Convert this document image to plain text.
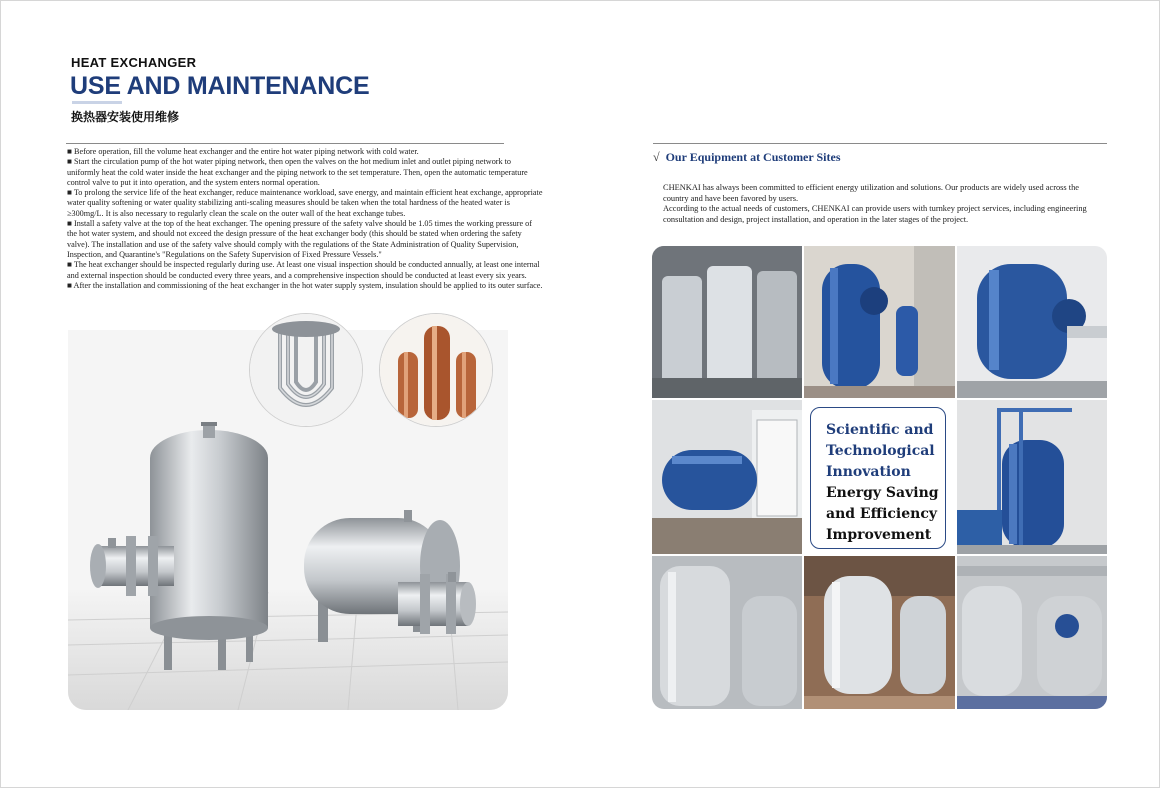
HEAT EXCHANGER
USE AND MAINTENANCE
换热器安装使用维修

■ Before operation, fill the volume heat exchanger and the entire hot water piping network with cold water.

■ Start the circulation pump of the hot water piping network, then open the valves on the hot medium inlet and outlet piping network to uniformly heat the cold water inside the heat exchanger and the piping network to the set temperature. Then, open the automatic temperature control valve to put it into operation, and the system enters normal operation.

■ To prolong the service life of the heat exchanger, reduce maintenance workload, save energy, and maintain efficient heat exchange, appropriate water quality softening or water quality stabilizing anti-scaling measures should be taken when the total hardness of the heated water is ≥300mg/L. It is also necessary to regularly clean the scale on the outer wall of the heat exchange tubes.

■ Install a safety valve at the top of the heat exchanger. The opening pressure of the safety valve should be 1.05 times the working pressure of the hot water system, and should not exceed the design pressure of the heat exchanger body (this should be stated when ordering the safety valve). The installation and use of the safety valve should comply with the regulations of the State Administration of Quality Supervision, Inspection, and Quarantine's "Regulations on the Safety Supervision of Fixed Pressure Vessels."

■ The heat exchanger should be inspected regularly during use. At least one visual inspection should be conducted annually, at least one internal and external inspection should be conducted every three years, and a comprehensive inspection should be conducted at least every six years.

■ After the installation and commissioning of the heat exchanger in the hot water supply system, insulation should be applied to its outer surface.

√ Our Equipment at Customer Sites

CHENKAI has always been committed to efficient energy utilization and solutions. Our products are widely used across the country and have been favored by users.

According to the actual needs of customers, CHENKAI can provide users with turnkey project services, including engineering consultation and design, project installation, and operation in the later stages of the project.

Scientific and
Technological
Innovation
Energy Saving
and Efficiency
Improvement
